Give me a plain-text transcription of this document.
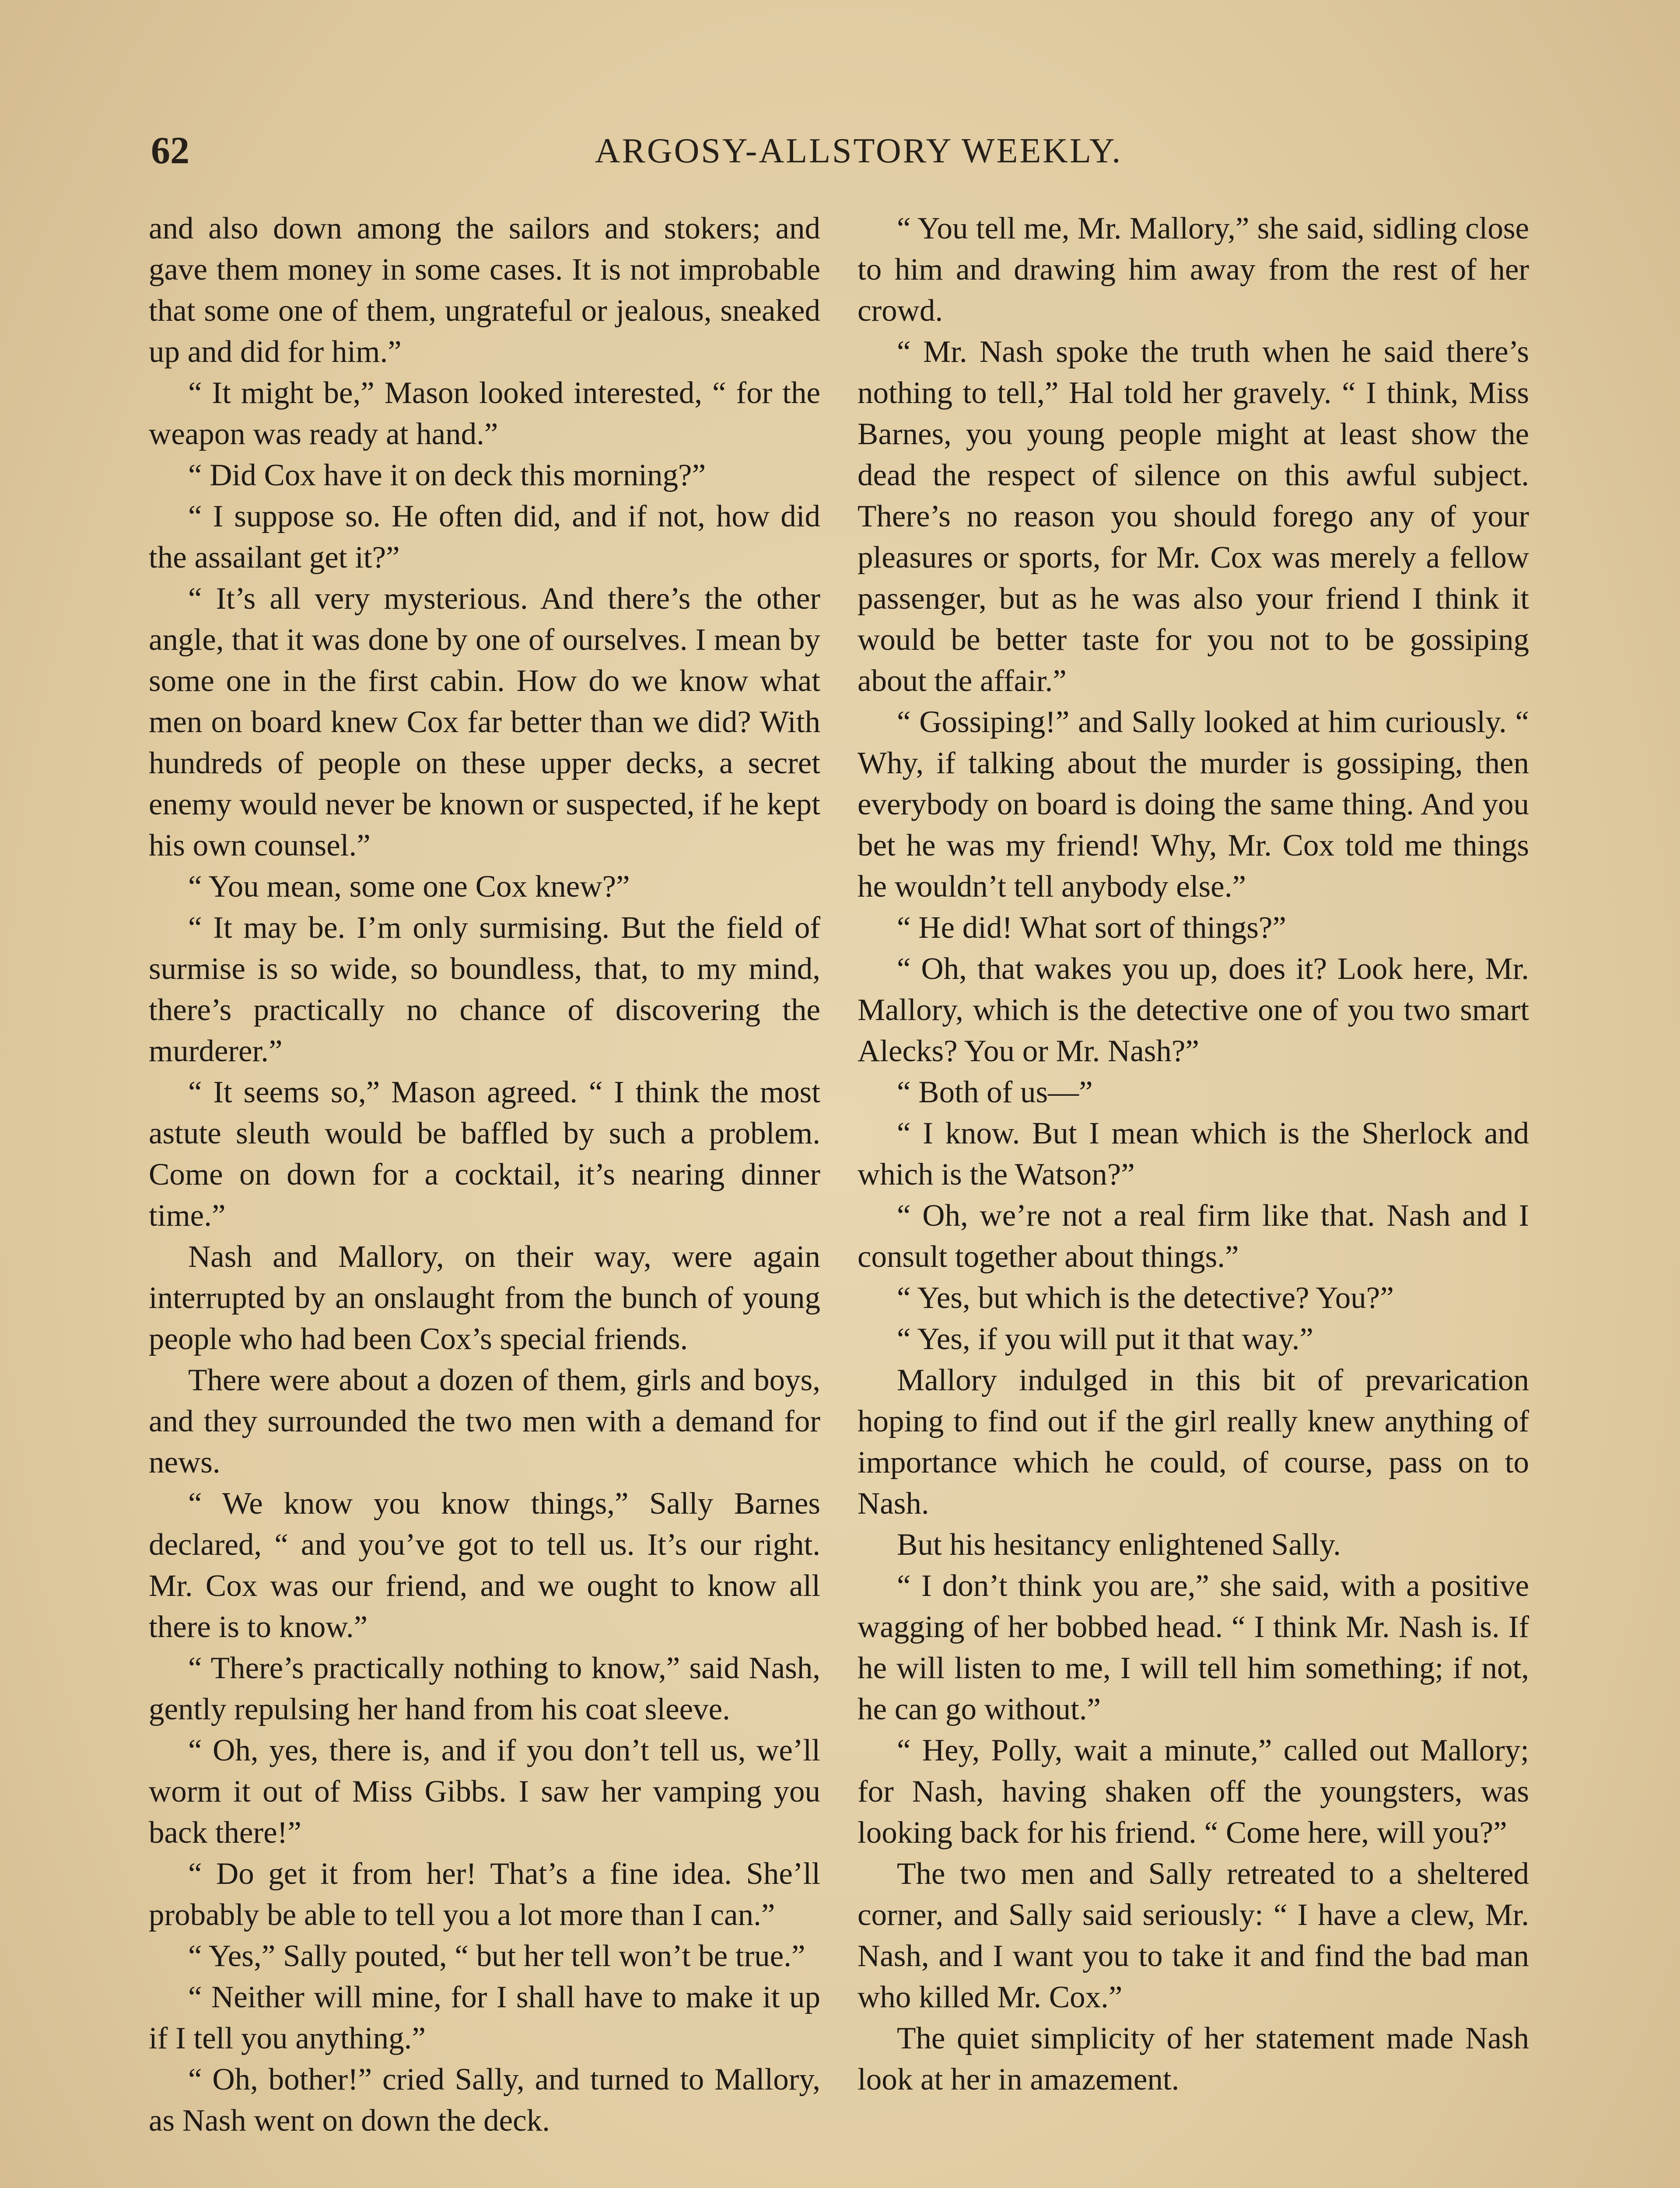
62	ARGOSY-ALLSTORY WEEKLY.

and also down among the sailors and stokers; and gave them money in some cases. It is not improbable that some one of them, ungrateful or jealous, sneaked up and did for him.”

“ It might be,” Mason looked interested, “ for the weapon was ready at hand.”

“ Did Cox have it on deck this morning?”

“ I suppose so. He often did, and if not, how did the assailant get it?”

“ It’s all very mysterious. And there’s the other angle, that it was done by one of ourselves. I mean by some one in the first cabin. How do we know what men on board knew Cox far better than we did? With hundreds of people on these upper decks, a secret enemy would never be known or suspected, if he kept his own counsel.”

“ You mean, some one Cox knew?”

“ It may be. I’m only surmising. But the field of surmise is so wide, so boundless, that, to my mind, there’s practically no chance of discovering the murderer.”

“ It seems so,” Mason agreed. “ I think the most astute sleuth would be baffled by such a problem. Come on down for a cocktail, it’s nearing dinner time.”

Nash and Mallory, on their way, were again interrupted by an onslaught from the bunch of young people who had been Cox’s special friends.

There were about a dozen of them, girls and boys, and they surrounded the two men with a demand for news.

“ We know you know things,” Sally Barnes declared, “ and you’ve got to tell us. It’s our right. Mr. Cox was our friend, and we ought to know all there is to know.”

“ There’s practically nothing to know,” said Nash, gently repulsing her hand from his coat sleeve.

“ Oh, yes, there is, and if you don’t tell us, we’ll worm it out of Miss Gibbs. I saw her vamping you back there!”

“ Do get it from her! That’s a fine idea. She’ll probably be able to tell you a lot more than I can.”

“ Yes,” Sally pouted, “ but her tell won’t be true.”

“ Neither will mine, for I shall have to make it up if I tell you anything.”

“ Oh, bother!” cried Sally, and turned to Mallory, as Nash went on down the deck.

“ You tell me, Mr. Mallory,” she said, sidling close to him and drawing him away from the rest of her crowd.

“ Mr. Nash spoke the truth when he said there’s nothing to tell,” Hal told her gravely. “ I think, Miss Barnes, you young people might at least show the dead the respect of silence on this awful subject. There’s no reason you should forego any of your pleasures or sports, for Mr. Cox was merely a fellow passenger, but as he was also your friend I think it would be better taste for you not to be gossiping about the affair.”

“ Gossiping!” and Sally looked at him curiously. “ Why, if talking about the murder is gossiping, then everybody on board is doing the same thing. And you bet he was my friend! Why, Mr. Cox told me things he wouldn’t tell anybody else.”

“ He did! What sort of things?”

“ Oh, that wakes you up, does it? Look here, Mr. Mallory, which is the detective one of you two smart Alecks? You or Mr. Nash?”

“ Both of us—”

“ I know. But I mean which is the Sherlock and which is the Watson?”

“ Oh, we’re not a real firm like that. Nash and I consult together about things.”

“ Yes, but which is the detective? You?”

“ Yes, if you will put it that way.”

Mallory indulged in this bit of prevarication hoping to find out if the girl really knew anything of importance which he could, of course, pass on to Nash.

But his hesitancy enlightened Sally.

“ I don’t think you are,” she said, with a positive wagging of her bobbed head. “ I think Mr. Nash is. If he will listen to me, I will tell him something; if not, he can go without.”

“ Hey, Polly, wait a minute,” called out Mallory; for Nash, having shaken off the youngsters, was looking back for his friend. “ Come here, will you?”

The two men and Sally retreated to a sheltered corner, and Sally said seriously: “ I have a clew, Mr. Nash, and I want you to take it and find the bad man who killed Mr. Cox.”

The quiet simplicity of her statement made Nash look at her in amazement.
